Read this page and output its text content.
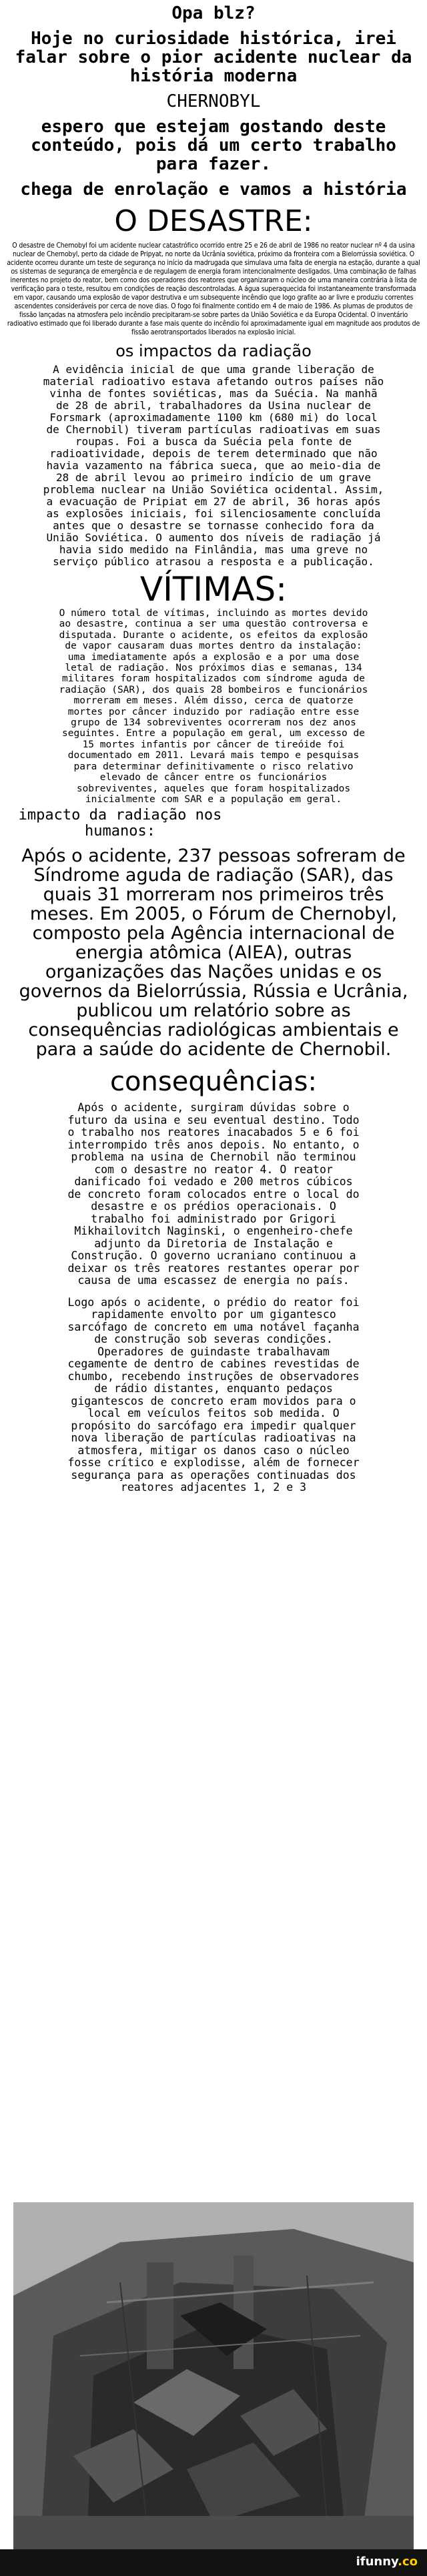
Opa blz?

Hoje no curiosidade histórica, irei falar sobre o pior acidente nuclear da história moderna

CHERNOBYL

espero que estejam gostando deste conteúdo, pois dá um certo trabalho para fazer.

chega de enrolação e vamos a história

O DESASTRE:

O desastre de Chernobyl foi um acidente nuclear catastrófico ocorrido entre 25 e 26 de abril de 1986 no reator nuclear nº 4 da usina nuclear de Chernobyl, perto da cidade de Pripyat, no norte da Ucrânia soviética, próximo da fronteira com a Bielorrússia soviética. O acidente ocorreu durante um teste de segurança no início da madrugada que simulava uma falta de energia na estação, durante a qual os sistemas de segurança de emergência e de regulagem de energia foram intencionalmente desligados. Uma combinação de falhas inerentes no projeto do reator, bem como dos operadores dos reatores que organizaram o núcleo de uma maneira contrária à lista de verificação para o teste, resultou em condições de reação descontroladas. A água superaquecida foi instantaneamente transformada em vapor, causando uma explosão de vapor destrutiva e um subsequente incêndio que logo grafite ao ar livre e produziu correntes ascendentes consideráveis por cerca de nove dias. O fogo foi finalmente contido em 4 de maio de 1986. As plumas de produtos de fissão lançadas na atmosfera pelo incêndio precipitaram-se sobre partes da União Soviética e da Europa Ocidental. O inventário radioativo estimado que foi liberado durante a fase mais quente do incêndio foi aproximadamente igual em magnitude aos produtos de fissão aerotransportados liberados na explosão inicial.

os impactos da radiação

A evidência inicial de que uma grande liberação de material radioativo estava afetando outros países não vinha de fontes soviéticas, mas da Suécia. Na manhã de 28 de abril, trabalhadores da Usina nuclear de Forsmark (aproximadamente 1100 km (680 mi) do local de Chernobil) tiveram partículas radioativas em suas roupas. Foi a busca da Suécia pela fonte de radioatividade, depois de terem determinado que não havia vazamento na fábrica sueca, que ao meio-dia de 28 de abril levou ao primeiro indício de um grave problema nuclear na União Soviética ocidental. Assim, a evacuação de Pripiat em 27 de abril, 36 horas após as explosões iniciais, foi silenciosamente concluída antes que o desastre se tornasse conhecido fora da União Soviética. O aumento dos níveis de radiação já havia sido medido na Finlândia, mas uma greve no serviço público atrasou a resposta e a publicação.

VÍTIMAS:

O número total de vítimas, incluindo as mortes devido ao desastre, continua a ser uma questão controversa e disputada. Durante o acidente, os efeitos da explosão de vapor causaram duas mortes dentro da instalação: uma imediatamente após a explosão e a por uma dose letal de radiação. Nos próximos dias e semanas, 134 militares foram hospitalizados com síndrome aguda de radiação (SAR), dos quais 28 bombeiros e funcionários morreram em meses. Além disso, cerca de quatorze mortes por câncer induzido por radiação entre esse grupo de 134 sobreviventes ocorreram nos dez anos seguintes. Entre a população em geral, um excesso de 15 mortes infantis por câncer de tireóide foi documentado em 2011. Levará mais tempo e pesquisas para determinar definitivamente o risco relativo elevado de câncer entre os funcionários sobreviventes, aqueles que foram hospitalizados inicialmente com SAR e a população em geral.

impacto da radiação nos humanos:

Após o acidente, 237 pessoas sofreram de Síndrome aguda de radiação (SAR), das quais 31 morreram nos primeiros três meses. Em 2005, o Fórum de Chernobyl, composto pela Agência internacional de energia atômica (AIEA), outras organizações das Nações unidas e os governos da Bielorrússia, Rússia e Ucrânia, publicou um relatório sobre as consequências radiológicas ambientais e para a saúde do acidente de Chernobil.

consequências:

Após o acidente, surgiram dúvidas sobre o futuro da usina e seu eventual destino. Todo o trabalho nos reatores inacabados 5 e 6 foi interrompido três anos depois. No entanto, o problema na usina de Chernobil não terminou com o desastre no reator 4. O reator danificado foi vedado e 200 metros cúbicos de concreto foram colocados entre o local do desastre e os prédios operacionais. O trabalho foi administrado por Grigori Mikhailovitch Naginski, o engenheiro-chefe adjunto da Diretoria de Instalação e Construção. O governo ucraniano continuou a deixar os três reatores restantes operar por causa de uma escassez de energia no país.

Logo após o acidente, o prédio do reator foi rapidamente envolto por um gigantesco sarcófago de concreto em uma notável façanha de construção sob severas condições. Operadores de guindaste trabalhavam cegamente de dentro de cabines revestidas de chumbo, recebendo instruções de observadores de rádio distantes, enquanto pedaços gigantescos de concreto eram movidos para o local em veículos feitos sob medida. O propósito do sarcófago era impedir qualquer nova liberação de partículas radioativas na atmosfera, mitigar os danos caso o núcleo fosse crítico e explodisse, além de fornecer segurança para as operações continuadas dos reatores adjacentes 1, 2 e 3

ifunny.co
